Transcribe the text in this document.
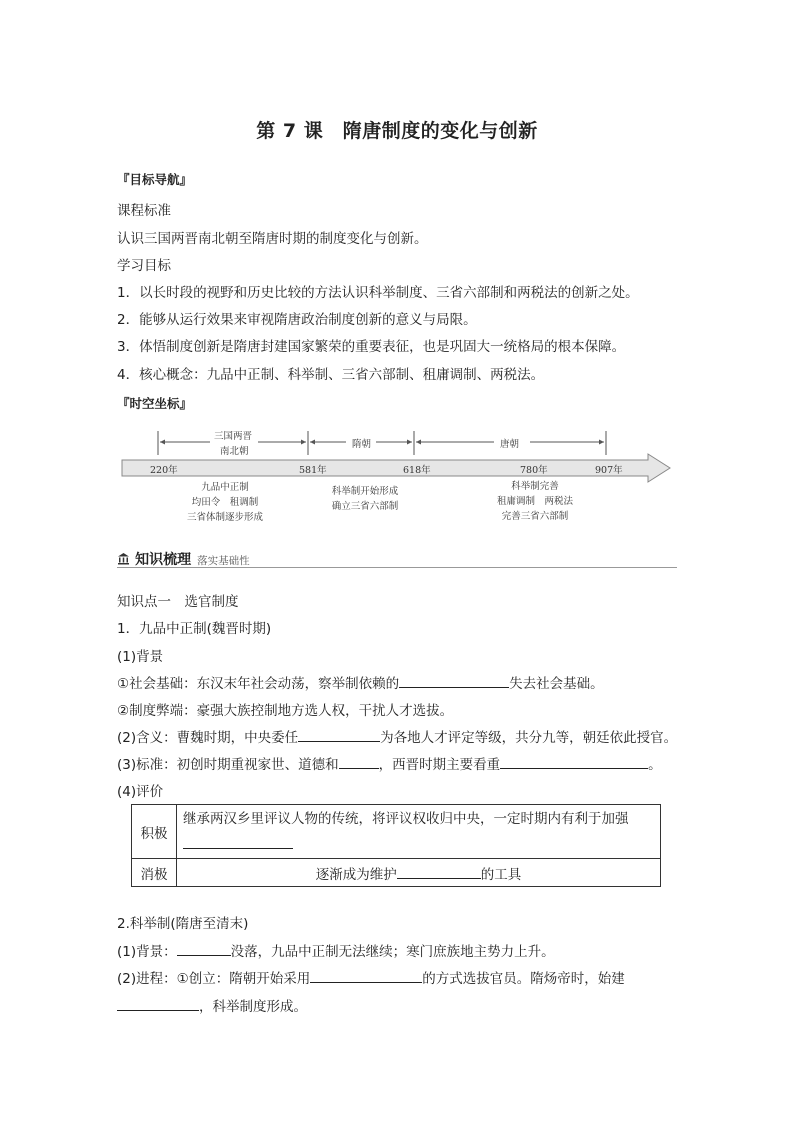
第 7 课　隋唐制度的变化与创新
『目标导航』
课程标准
认识三国两晋南北朝至隋唐时期的制度变化与创新。
学习目标
1．以长时段的视野和历史比较的方法认识科举制度、三省六部制和两税法的创新之处。
2．能够从运行效果来审视隋唐政治制度创新的意义与局限。
3．体悟制度创新是隋唐封建国家繁荣的重要表征，也是巩固大一统格局的根本保障。
4．核心概念：九品中正制、科举制、三省六部制、租庸调制、两税法。
『时空坐标』
三国两晋
南北朝
隋朝	唐朝
220年	581年	618年	780年	907年
九品中正制
均田令　租调制
三省体制逐步形成
科举制开始形成
确立三省六部制
科举制完善
租庸调制　两税法
完善三省六部制
知识梳理 落实基础性
知识点一　选官制度
1．九品中正制(魏晋时期)
(1)背景
①社会基础：东汉末年社会动荡，察举制依赖的	失去社会基础。
②制度弊端：豪强大族控制地方选人权，干扰人才选拔。
(2)含义：曹魏时期，中央委任	为各地人才评定等级，共分九等，朝廷依此授官。
(3)标准：初创时期重视家世、道德和	，西晋时期主要看重	。
(4)评价
积极	继承两汉乡里评议人物的传统，将评议权收归中央，一定时期内有利于加强

消极	逐渐成为维护 的工具
2.科举制(隋唐至清末)
(1)背景：	没落，九品中正制无法继续；寒门庶族地主势力上升。
(2)进程：①创立：隋朝开始采用	的方式选拔官员。隋炀帝时，始建
，科举制度形成。
